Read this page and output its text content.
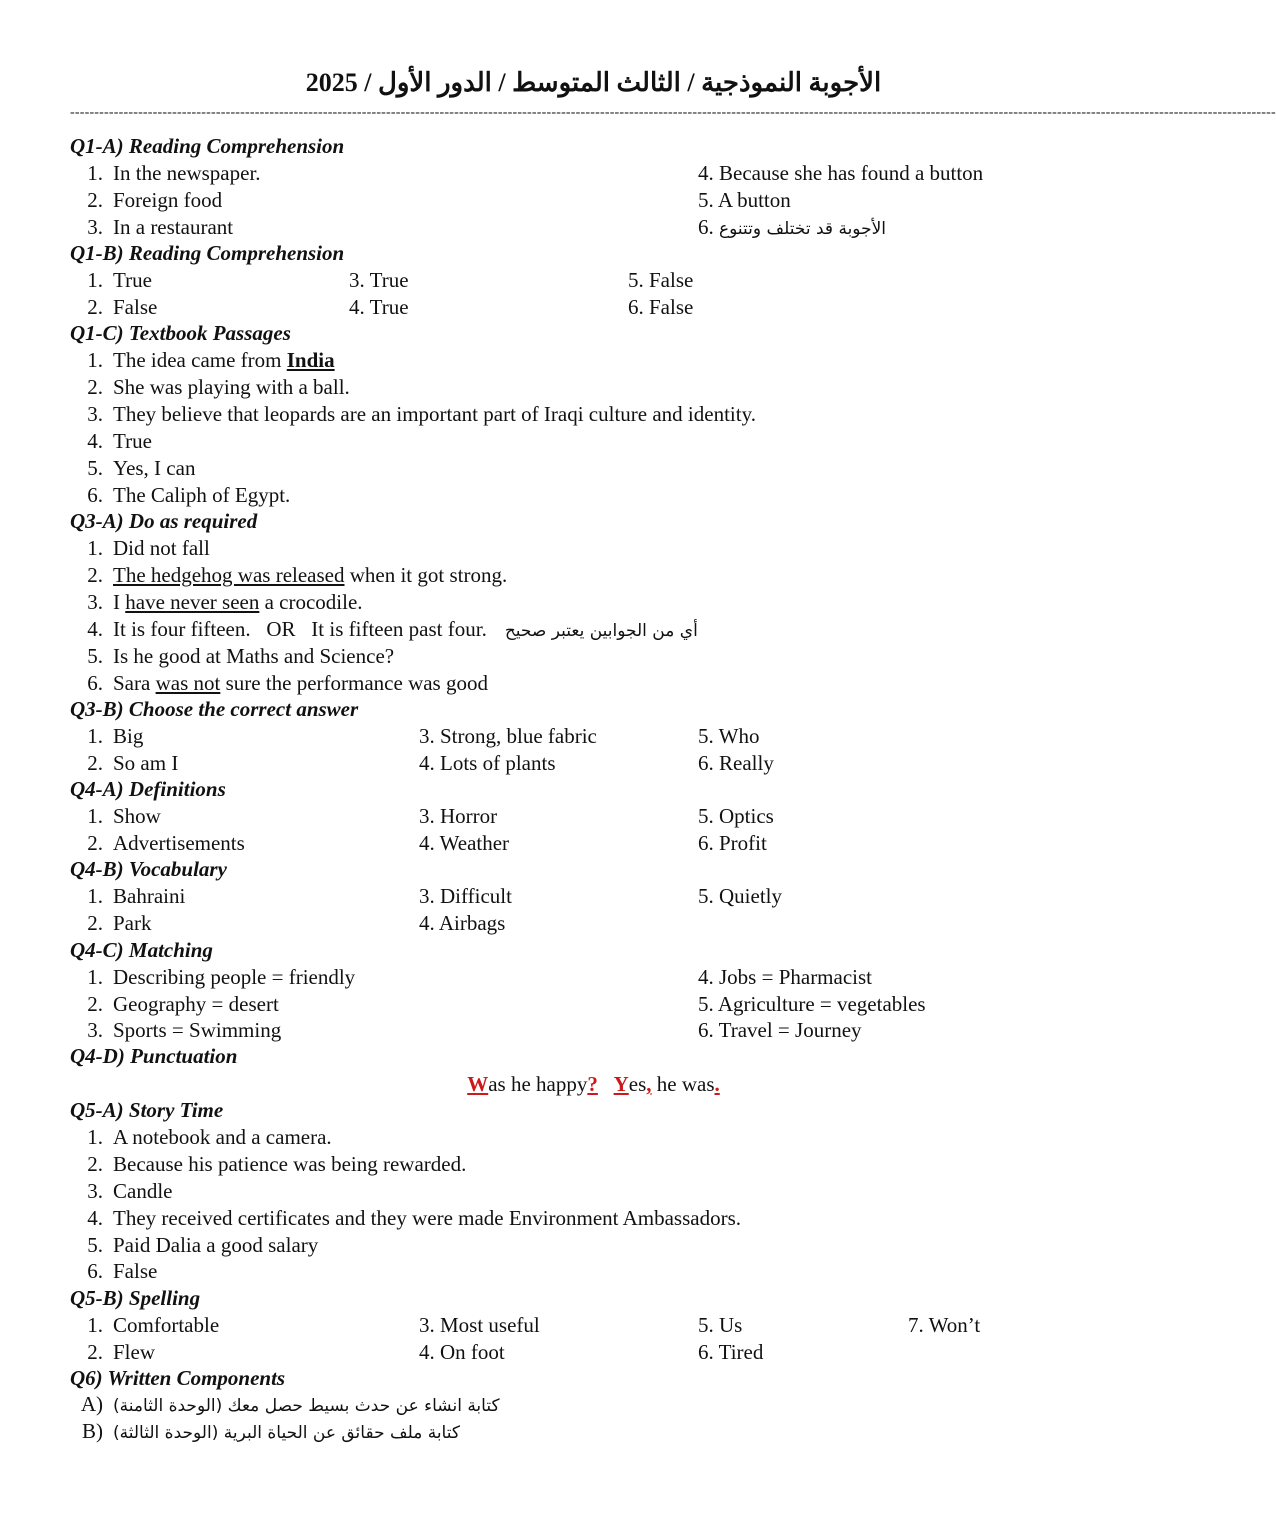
الأجوبة النموذجية / الثالث المتوسط / الدور الأول / 2025
--------------------------------------------------------------------------------------------------------------------------------------------------------------------------------------------------------------------------------------------------------
Q1-A) Reading Comprehension
1. In the newspaper.
2. Foreign food
3. In a restaurant
4. Because she has found a button
5. A button
6. الأجوبة قد تختلف وتتنوع
Q1-B) Reading Comprehension
1. True	3. True	5. False
2. False	4. True	6. False
Q1-C) Textbook Passages
1. The idea came from India
2. She was playing with a ball.
3. They believe that leopards are an important part of Iraqi culture and identity.
4. True
5. Yes, I can
6. The Caliph of Egypt.
Q3-A) Do as required
1. Did not fall
2. The hedgehog was released when it got strong.
3. I have never seen a crocodile.
4. It is four fifteen.   OR   It is fifteen past four. أي من الجوابين يعتبر صحيح
5. Is he good at Maths and Science?
6. Sara was not sure the performance was good
Q3-B) Choose the correct answer
1. Big	3. Strong, blue fabric	5. Who
2. So am I	4. Lots of plants	6. Really
Q4-A) Definitions
1. Show	3. Horror	5. Optics
2. Advertisements	4. Weather	6. Profit
Q4-B) Vocabulary
1. Bahraini	3. Difficult	5. Quietly
2. Park	4. Airbags
Q4-C) Matching
1. Describing people = friendly
2. Geography = desert
3. Sports = Swimming
4. Jobs = Pharmacist
5. Agriculture = vegetables
6. Travel = Journey
Q4-D) Punctuation
Was he happy? Yes, he was.
Q5-A) Story Time
1. A notebook and a camera.
2. Because his patience was being rewarded.
3. Candle
4. They received certificates and they were made Environment Ambassadors.
5. Paid Dalia a good salary
6. False
Q5-B) Spelling
1. Comfortable	3. Most useful	5. Us	7. Won’t
2. Flew	4. On foot	6. Tired
Q6) Written Components
A) كتابة انشاء عن حدث بسيط حصل معك (الوحدة الثامنة)
B) كتابة ملف حقائق عن الحياة البرية (الوحدة الثالثة)
